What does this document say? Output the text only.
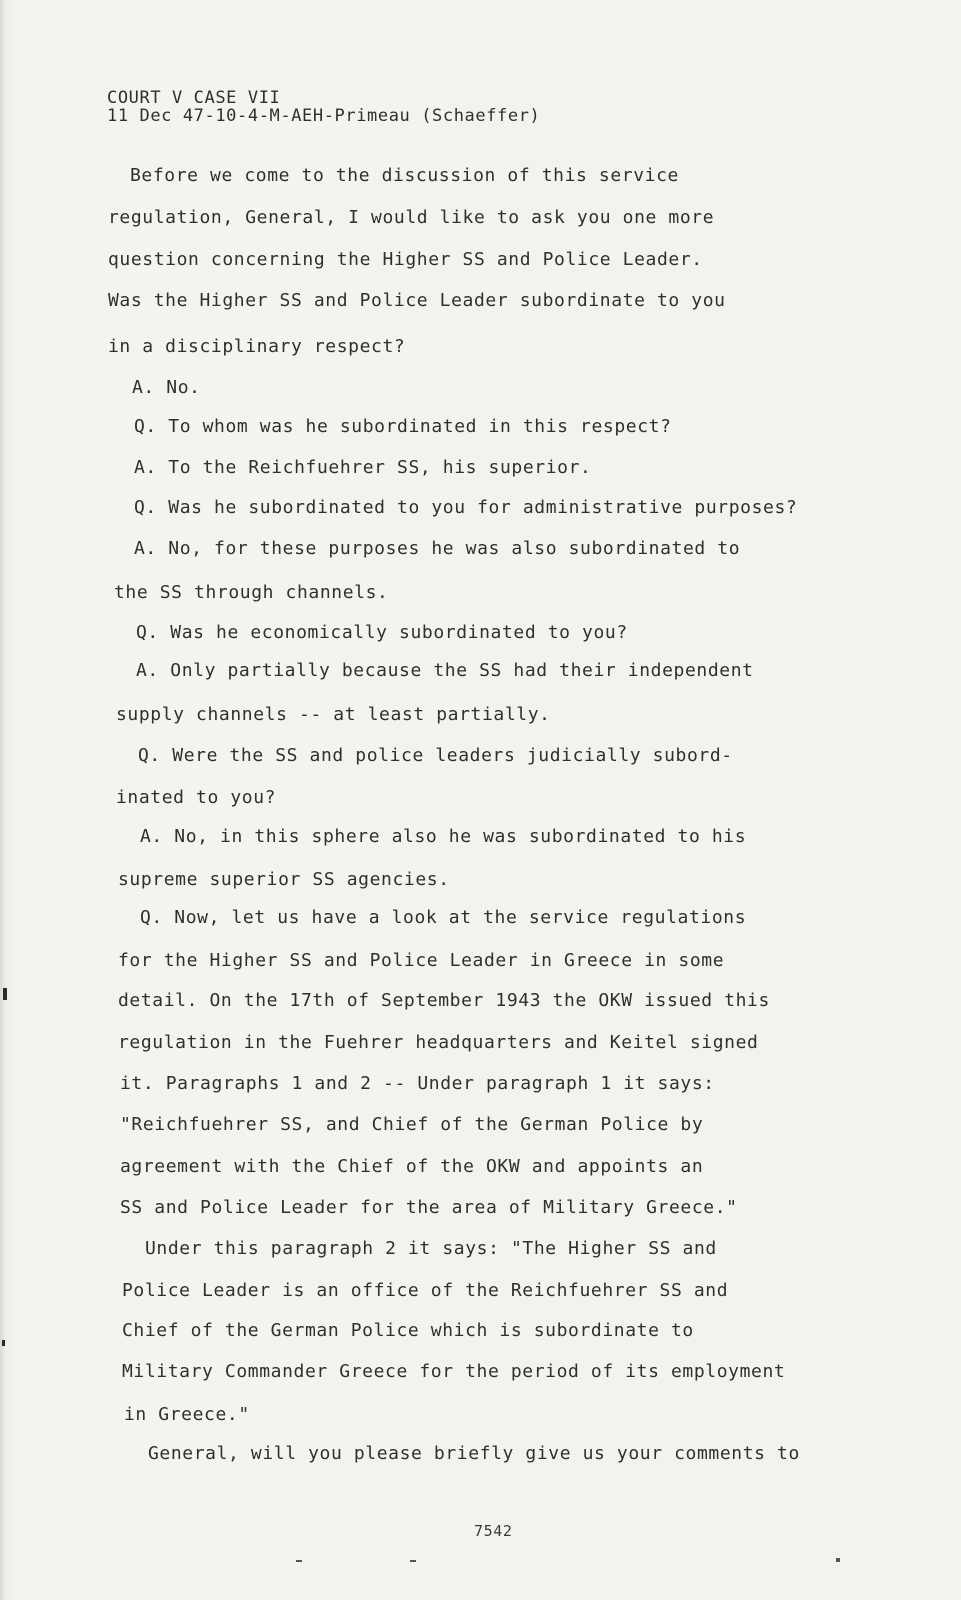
COURT V CASE VII
11 Dec 47-10-4-M-AEH-Primeau (Schaeffer)
Before we come to the discussion of this service
regulation, General, I would like to ask you one more
question concerning the Higher SS and Police Leader.
Was the Higher SS and Police Leader subordinate to you
in a disciplinary respect?
A. No.
Q. To whom was he subordinated in this respect?
A. To the Reichfuehrer SS, his superior.
Q. Was he subordinated to you for administrative purposes?
A. No, for these purposes he was also subordinated to
the SS through channels.
Q. Was he economically subordinated to you?
A. Only partially because the SS had their independent
supply channels -- at least partially.
Q. Were the SS and police leaders judicially subord-
inated to you?
A. No, in this sphere also he was subordinated to his
supreme superior SS agencies.
Q. Now, let us have a look at the service regulations
for the Higher SS and Police Leader in Greece in some
detail. On the 17th of September 1943 the OKW issued this
regulation in the Fuehrer headquarters and Keitel signed
it. Paragraphs 1 and 2 -- Under paragraph 1 it says:
"Reichfuehrer SS, and Chief of the German Police by
agreement with the Chief of the OKW and appoints an
SS and Police Leader for the area of Military Greece."
Under this paragraph 2 it says: "The Higher SS and
Police Leader is an office of the Reichfuehrer SS and
Chief of the German Police which is subordinate to
Military Commander Greece for the period of its employment
in Greece."
General, will you please briefly give us your comments to
7542
